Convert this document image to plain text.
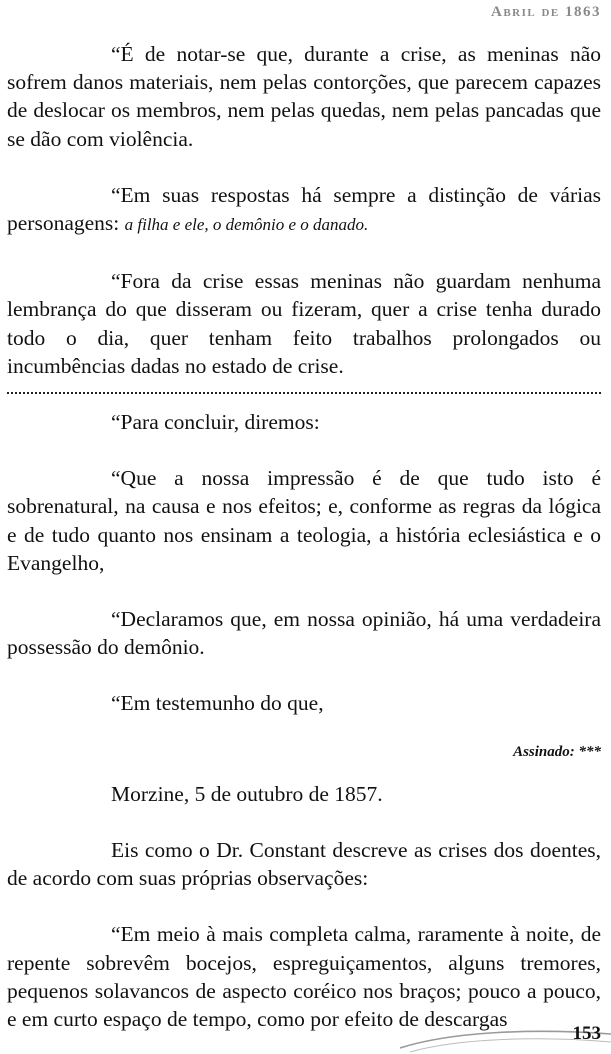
Abril de 1863

“É de notar-se que, durante a crise, as meninas não sofrem danos materiais, nem pelas contorções, que parecem capazes de deslocar os membros, nem pelas quedas, nem pelas pancadas que se dão com violência.

“Em suas respostas há sempre a distinção de várias personagens: a filha e ele, o demônio e o danado.

“Fora da crise essas meninas não guardam nenhuma lembrança do que disseram ou fizeram, quer a crise tenha durado todo o dia, quer tenham feito trabalhos prolongados ou incumbências dadas no estado de crise.

“Para concluir, diremos:

“Que a nossa impressão é de que tudo isto é sobrenatural, na causa e nos efeitos; e, conforme as regras da lógica e de tudo quanto nos ensinam a teologia, a história eclesiástica e o Evangelho,

“Declaramos que, em nossa opinião, há uma verdadeira possessão do demônio.

“Em testemunho do que,

Assinado: ***

Morzine, 5 de outubro de 1857.

Eis como o Dr. Constant descreve as crises dos doentes, de acordo com suas próprias observações:

“Em meio à mais completa calma, raramente à noite, de repente sobrevêm bocejos, espreguiçamentos, alguns tremores, pequenos solavancos de aspecto coréico nos braços; pouco a pouco, e em curto espaço de tempo, como por efeito de descargas

153
